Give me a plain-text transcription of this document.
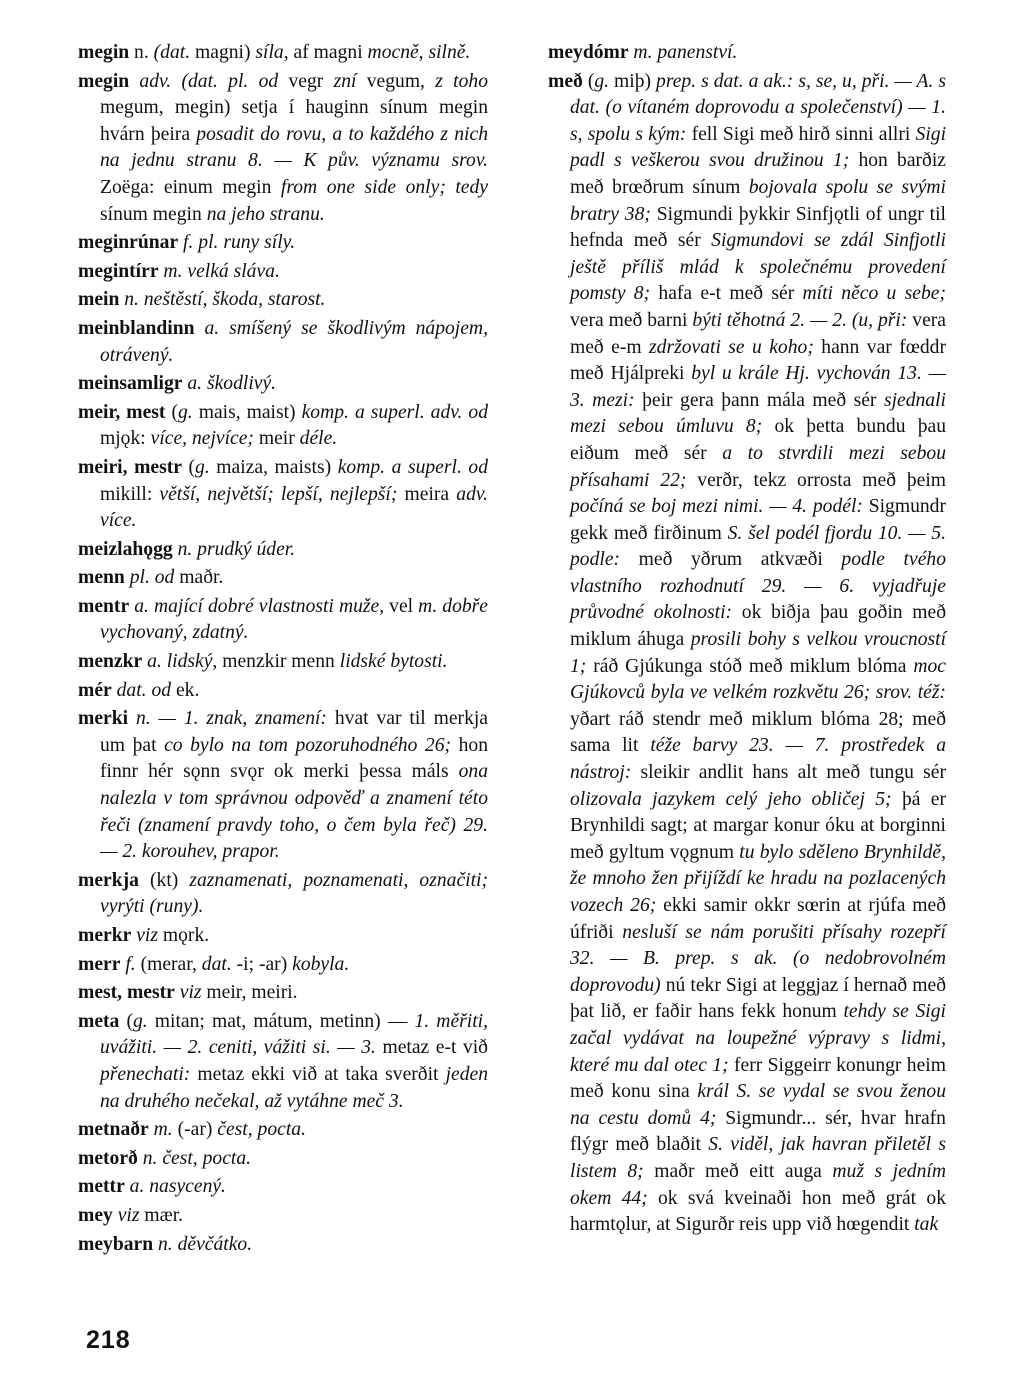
megin n. (dat. magni) síla, af magni mocně, silně.

megin adv. (dat. pl. od vegr zní vegum, z toho megum, megin) setja í hauginn sínum megin hvárn þeira posadit do rovu, a to každého z nich na jednu stranu 8. — K pův. významu srov. Zoëga: einum megin from one side only; tedy sínum megin na jeho stranu.

meginrúnar f. pl. runy síly.

megintírr m. velká sláva.

mein n. neštěstí, škoda, starost.

meinblandinn a. smíšený se škodlivým nápojem, otrávený.

meinsamligr a. škodlivý.

meir, mest (g. mais, maist) komp. a superl. adv. od mjǫk: více, nejvíce; meir déle.

meiri, mestr (g. maiza, maists) komp. a superl. od mikill: větší, největší; lepší, nejlepší; meira adv. více.

meizlahǫgg n. prudký úder.

menn pl. od maðr.

mentr a. mající dobré vlastnosti muže, vel m. dobře vychovaný, zdatný.

menzkr a. lidský, menzkir menn lidské bytosti.

mér dat. od ek.

merki n. — 1. znak, znamení: hvat var til merkja um þat co bylo na tom pozoruhodného 26; hon finnr hér sǫnn svǫr ok merki þessa máls ona nalezla v tom správnou odpověď a znamení této řeči (znamení pravdy toho, o čem byla řeč) 29. — 2. korouhev, prapor.

merkja (kt) zaznamenati, poznamenati, označiti; vyrýti (runy).

merkr viz mǫrk.

merr f. (merar, dat. -i; -ar) kobyla.

mest, mestr viz meir, meiri.

meta (g. mitan; mat, mátum, metinn) — 1. měřiti, uvážiti. — 2. ceniti, vážiti si. — 3. metaz e-t við přenechati: metaz ekki við at taka sverðit jeden na druhého nečekal, až vytáhne meč 3.

metnaðr m. (-ar) čest, pocta.

metorð n. čest, pocta.

mettr a. nasycený.

mey viz mær.

meybarn n. děvčátko.

meydómr m. panenství.

með (g. miþ) prep. s dat. a ak.: s, se, u, při. — A. s dat. (o vítaném doprovodu a společenství) — 1. s, spolu s kým: fell Sigi með hirð sinni allri Sigi padl s veškerou svou družinou 1; hon barðiz með brœðrum sínum bojovala spolu se svými bratry 38; Sigmundi þykkir Sinfjǫtli of ungr til hefnda með sér Sigmundovi se zdál Sinfjotli ještě příliš mlád k společnému provedení pomsty 8; hafa e-t með sér míti něco u sebe; vera með barni býti těhotná 2. — 2. (u, při: vera með e-m zdržovati se u koho; hann var fœddr með Hjálpreki byl u krále Hj. vychován 13. — 3. mezi: þeir gera þann mála með sér sjednali mezi sebou úmluvu 8; ok þetta bundu þau eiðum með sér a to stvrdili mezi sebou přísahami 22; verðr, tekz orrosta með þeim počíná se boj mezi nimi. — 4. podél: Sigmundr gekk með firðinum S. šel podél fjordu 10. — 5. podle: með yðrum atkvæði podle tvého vlastního rozhodnutí 29. — 6. vyjadřuje průvodné okolnosti: ok biðja þau goðin með miklum áhuga prosili bohy s velkou vroucností 1; ráð Gjúkunga stóð með miklum blóma moc Gjúkovců byla ve velkém rozkvětu 26; srov. též: yðart ráð stendr með miklum blóma 28; með sama lit téže barvy 23. — 7. prostředek a nástroj: sleikir andlit hans alt með tungu sér olizovala jazykem celý jeho obličej 5; þá er Brynhildi sagt; at margar konur óku at borginni með gyltum vǫgnum tu bylo sděleno Brynhildě, že mnoho žen přijíždí ke hradu na pozlacených vozech 26; ekki samir okkr sœrin at rjúfa með úfriði nesluší se nám porušiti přísahy rozepří 32. — B. prep. s ak. (o nedobrovolném doprovodu) nú tekr Sigi at leggjaz í hernað með þat lið, er faðir hans fekk honum tehdy se Sigi začal vydávat na loupežné výpravy s lidmi, které mu dal otec 1; ferr Siggeirr konungr heim með konu sina král S. se vydal se svou ženou na cestu domů 4; Sigmundr... sér, hvar hrafn flýgr með blaðit S. viděl, jak havran přiletěl s listem 8; maðr með eitt auga muž s jedním okem 44; ok svá kveinaði hon með grát ok harmtǫlur, at Sigurðr reis upp við hœgendit tak

218
